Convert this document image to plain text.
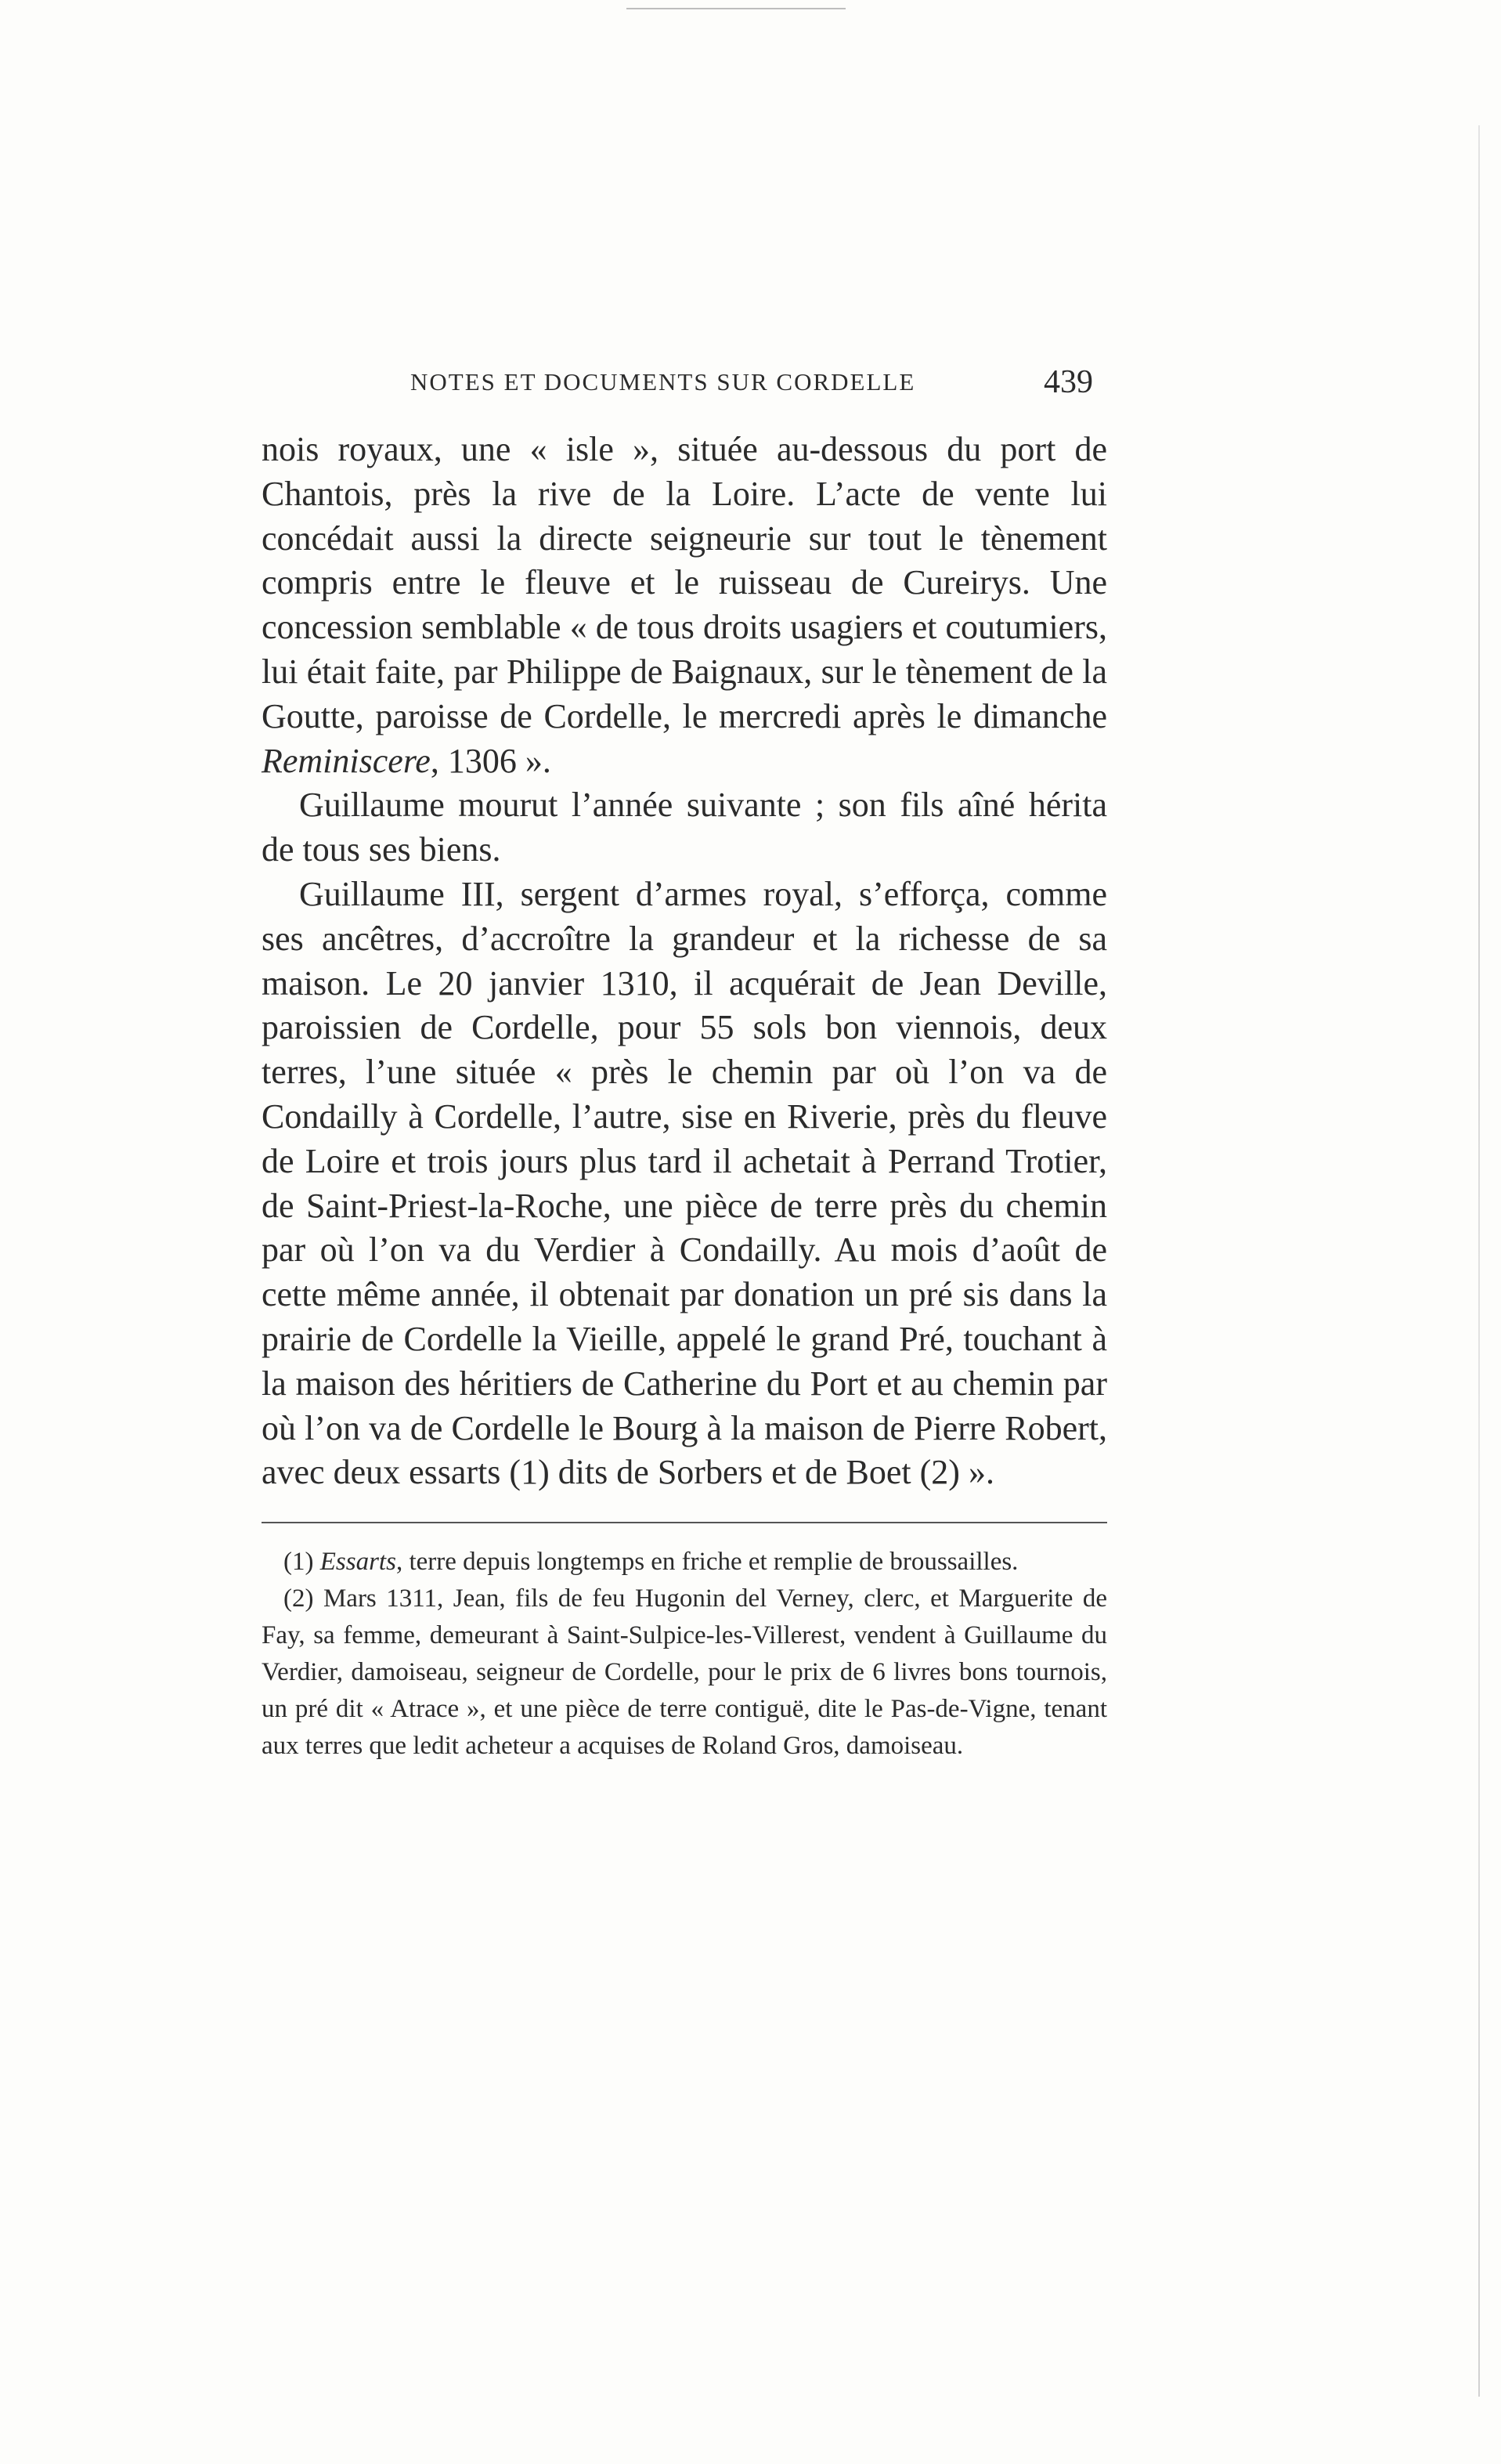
NOTES ET DOCUMENTS SUR CORDELLE	439

nois royaux, une « isle », située au-dessous du port de Chantois, près la rive de la Loire. L’acte de vente lui concédait aussi la directe seigneurie sur tout le tènement compris entre le fleuve et le ruisseau de Cureirys. Une concession semblable « de tous droits usagiers et coutumiers, lui était faite, par Philippe de Baignaux, sur le tènement de la Goutte, paroisse de Cordelle, le mercredi après le dimanche Reminiscere, 1306 ».

Guillaume mourut l’année suivante ; son fils aîné hérita de tous ses biens.

Guillaume III, sergent d’armes royal, s’efforça, comme ses ancêtres, d’accroître la grandeur et la richesse de sa maison. Le 20 janvier 1310, il acquérait de Jean Deville, paroissien de Cordelle, pour 55 sols bon viennois, deux terres, l’une située « près le chemin par où l’on va de Condailly à Cordelle, l’autre, sise en Riverie, près du fleuve de Loire et trois jours plus tard il achetait à Perrand Trotier, de Saint-Priest-la-Roche, une pièce de terre près du chemin par où l’on va du Verdier à Condailly. Au mois d’août de cette même année, il obtenait par donation un pré sis dans la prairie de Cordelle la Vieille, appelé le grand Pré, touchant à la maison des héritiers de Catherine du Port et au chemin par où l’on va de Cordelle le Bourg à la maison de Pierre Robert, avec deux essarts (1) dits de Sorbers et de Boet (2) ».

(1) Essarts, terre depuis longtemps en friche et remplie de broussailles.

(2) Mars 1311, Jean, fils de feu Hugonin del Verney, clerc, et Marguerite de Fay, sa femme, demeurant à Saint-Sulpice-les-Villerest, vendent à Guillaume du Verdier, damoiseau, seigneur de Cordelle, pour le prix de 6 livres bons tournois, un pré dit « Atrace », et une pièce de terre contiguë, dite le Pas-de-Vigne, tenant aux terres que ledit acheteur a acquises de Roland Gros, damoiseau.
